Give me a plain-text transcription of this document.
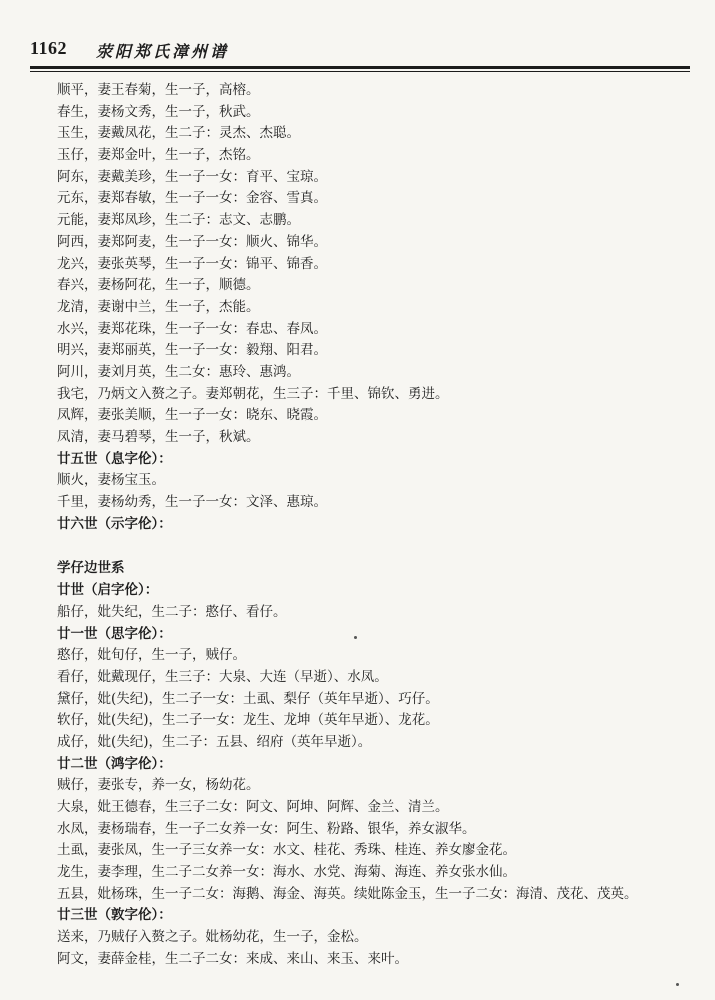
1162 荥阳郑氏漳州谱
顺平，妻王春菊，生一子，高榕。
春生，妻杨文秀，生一子，秋武。
玉生，妻戴凤花，生二子：灵杰、杰聪。
玉仔，妻郑金叶，生一子，杰铭。
阿东，妻戴美珍，生一子一女：育平、宝琼。
元东，妻郑春敏，生一子一女：金容、雪真。
元能，妻郑凤珍，生二子：志文、志鹏。
阿西，妻郑阿麦，生一子一女：顺火、锦华。
龙兴，妻张英琴，生一子一女：锦平、锦香。
春兴，妻杨阿花，生一子，顺德。
龙清，妻谢中兰，生一子，杰能。
水兴，妻郑花珠，生一子一女：春忠、春凤。
明兴，妻郑丽英，生一子一女：毅翔、阳君。
阿川，妻刘月英，生二女：惠玲、惠鸿。
我宅，乃炳文入赘之子。妻郑朝花，生三子：千里、锦钦、勇进。
凤辉，妻张美顺，生一子一女：晓东、晓霞。
凤清，妻马碧琴，生一子，秋斌。
廿五世（息字伦）：
顺火，妻杨宝玉。
千里，妻杨幼秀，生一子一女：文泽、惠琼。
廿六世（示字伦）：
学仔边世系
廿世（启字伦）：
船仔，妣失纪，生二子：憨仔、看仔。
廿一世（思字伦）：
憨仔，妣旬仔，生一子，贼仔。
看仔，妣戴现仔，生三子：大泉、大连（早逝）、水凤。
黛仔，妣(失纪)，生二子一女：土虱、梨仔（英年早逝）、巧仔。
软仔，妣(失纪)，生二子一女：龙生、龙坤（英年早逝）、龙花。
成仔，妣(失纪)，生二子：五县、绍府（英年早逝）。
廿二世（鸿字伦）：
贼仔，妻张专，养一女，杨幼花。
大泉，妣王德春，生三子二女：阿文、阿坤、阿辉、金兰、清兰。
水凤，妻杨瑞春，生一子二女养一女：阿生、粉路、银华，养女淑华。
土虱，妻张凤，生一子三女养一女：水文、桂花、秀珠、桂连、养女廖金花。
龙生，妻李理，生二子二女养一女：海水、水党、海菊、海连、养女张水仙。
五县，妣杨珠，生一子二女：海鹅、海金、海英。续妣陈金玉，生一子二女：海清、茂花、茂英。
廿三世（敦字伦）：
送来，乃贼仔入赘之子。妣杨幼花，生一子，金松。
阿文，妻薛金桂，生二子二女：来成、来山、来玉、来叶。
